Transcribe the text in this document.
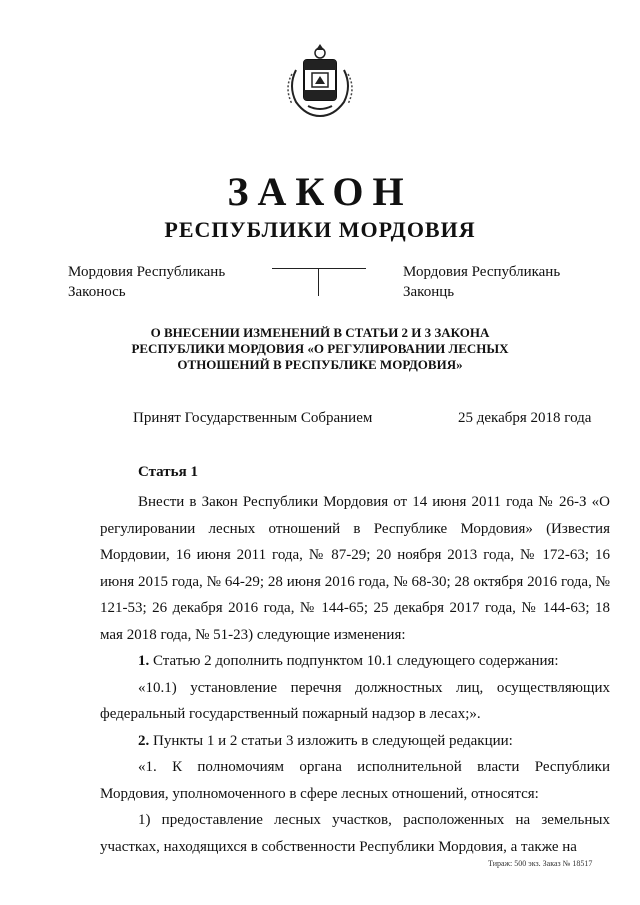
ЗАКОН
РЕСПУБЛИКИ МОРДОВИЯ
Мордовия Республикань
Законось
Мордовия Республикань
Законць
О ВНЕСЕНИИ ИЗМЕНЕНИЙ В СТАТЬИ 2 И 3 ЗАКОНА
РЕСПУБЛИКИ МОРДОВИЯ «О РЕГУЛИРОВАНИИ ЛЕСНЫХ
ОТНОШЕНИЙ В РЕСПУБЛИКЕ МОРДОВИЯ»
Принят Государственным Собранием	25 декабря 2018 года
Статья 1

Внести в Закон Республики Мордовия от 14 июня 2011 года № 26-З «О регулировании лесных отношений в Республике Мордовия» (Известия Мордовии, 16 июня 2011 года, № 87-29; 20 ноября 2013 года, № 172-63; 16 июня 2015 года, № 64-29; 28 июня 2016 года, № 68-30; 28 октября 2016 года, № 121-53; 26 декабря 2016 года, № 144-65; 25 декабря 2017 года, № 144-63; 18 мая 2018 года, № 51-23) следующие изменения:

1. Статью 2 дополнить подпунктом 10.1 следующего содержания:

«10.1) установление перечня должностных лиц, осуществляющих федеральный государственный пожарный надзор в лесах;».

2. Пункты 1 и 2 статьи 3 изложить в следующей редакции:

«1. К полномочиям органа исполнительной власти Республики Мордовия, уполномоченного в сфере лесных отношений, относятся:

1) предоставление лесных участков, расположенных на земельных участках, находящихся в собственности Республики Мордовия, а также на

Тираж: 500 экз. Заказ № 18517
